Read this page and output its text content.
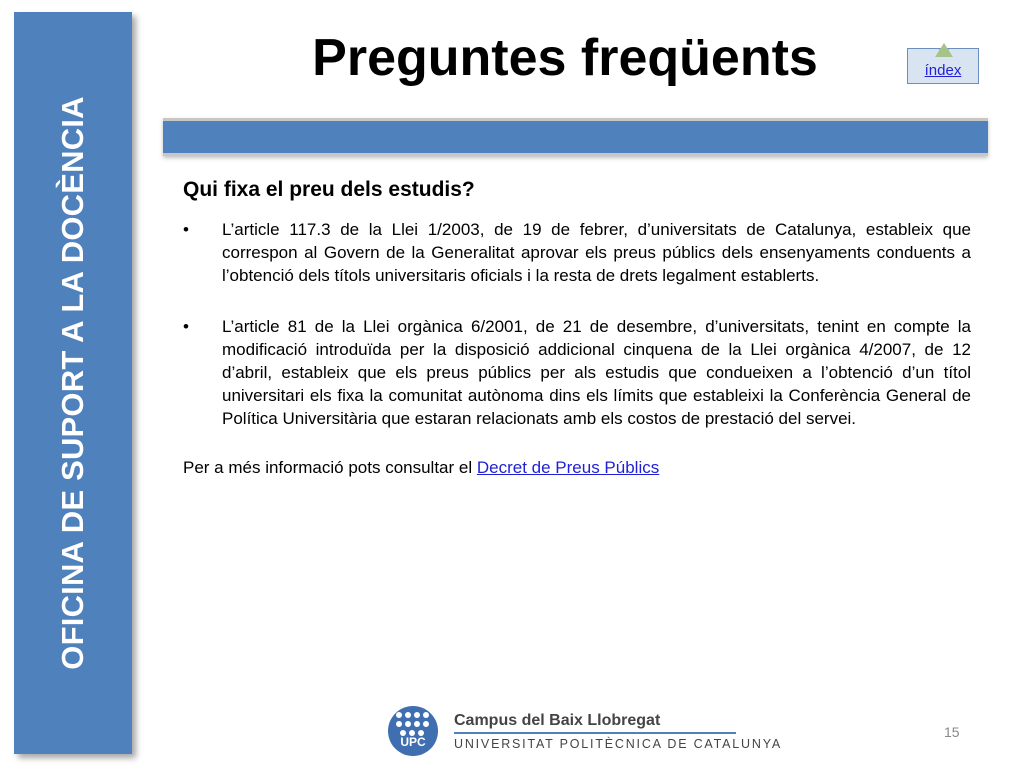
OFICINA DE SUPORT A LA DOCÈNCIA
Preguntes freqüents	índex
Qui fixa el preu dels estudis?

• L’article 117.3 de la Llei 1/2003, de 19 de febrer, d’universitats de Catalunya, estableix que correspon al Govern de la Generalitat aprovar els preus públics dels ensenyaments conduents a l’obtenció dels títols universitaris oficials i la resta de drets legalment establerts.

• L’article 81 de la Llei orgànica 6/2001, de 21 de desembre, d’universitats, tenint en compte la modificació introduïda per la disposició addicional cinquena de la Llei orgànica 4/2007, de 12 d’abril, estableix que els preus públics per als estudis que condueixen a l’obtenció d’un títol universitari els fixa la comunitat autònoma dins els límits que estableixi la Conferència General de Política Universitària que estaran relacionats amb els costos de prestació del servei.

Per a més informació pots consultar el Decret de Preus Públics
UPC
Campus del Baix Llobregat
UNIVERSITAT POLITÈCNICA DE CATALUNYA
15
